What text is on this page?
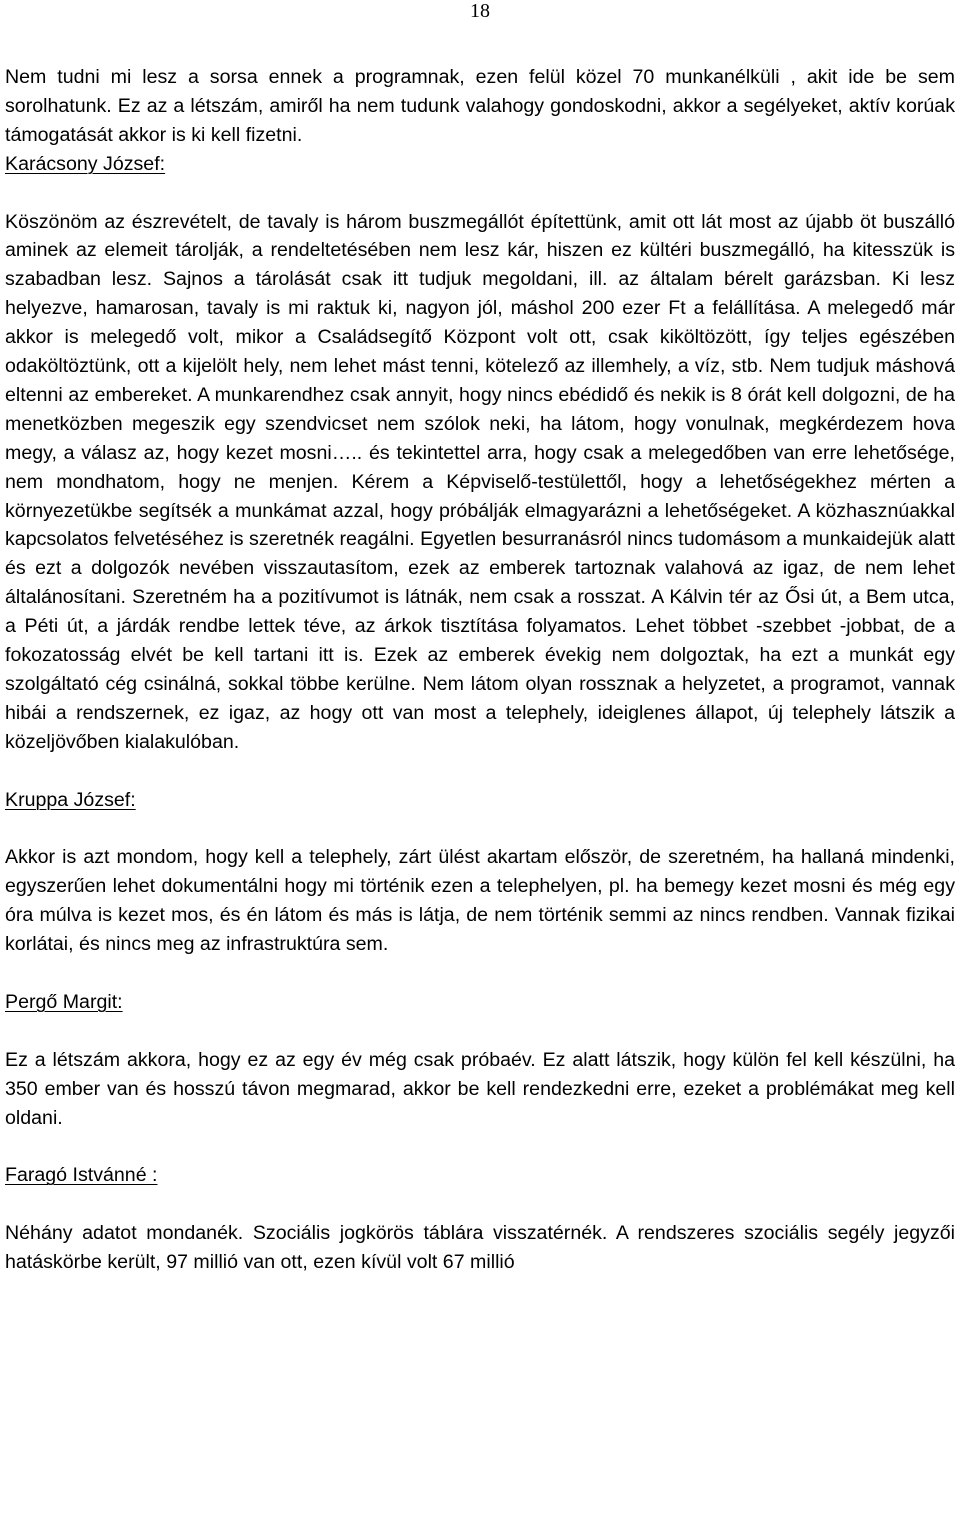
18

Nem tudni mi lesz a sorsa ennek a programnak, ezen felül közel 70 munkanélküli , akit ide be sem sorolhatunk. Ez az a létszám, amiről ha nem tudunk valahogy gondoskodni, akkor a segélyeket, aktív korúak támogatását akkor is ki kell fizetni.

Karácsony József:

Köszönöm az észrevételt, de tavaly is három buszmegállót építettünk, amit ott lát most az újabb öt buszálló aminek az elemeit tárolják, a rendeltetésében nem lesz kár, hiszen ez kültéri buszmegálló, ha kitesszük is szabadban lesz. Sajnos a tárolását csak itt tudjuk megoldani, ill. az általam bérelt garázsban. Ki lesz helyezve, hamarosan, tavaly is mi raktuk ki, nagyon jól, máshol 200 ezer Ft a felállítása. A melegedő már akkor is melegedő volt, mikor a Családsegítő Központ volt ott, csak kiköltözött, így teljes egészében odaköltöztünk, ott a kijelölt hely, nem lehet mást tenni, kötelező az illemhely, a víz, stb. Nem tudjuk máshová eltenni az embereket. A munkarendhez csak annyit, hogy nincs ebédidő és nekik is 8 órát kell dolgozni, de ha menetközben megeszik egy szendvicset nem szólok neki, ha látom, hogy vonulnak, megkérdezem hova megy, a válasz az, hogy kezet mosni….. és tekintettel arra, hogy csak a melegedőben van erre lehetősége, nem mondhatom, hogy ne menjen. Kérem a Képviselő-testülettől, hogy a lehetőségekhez mérten a környezetükbe segítsék a munkámat azzal, hogy próbálják elmagyarázni a lehetőségeket. A közhasznúakkal kapcsolatos felvetéséhez is szeretnék reagálni. Egyetlen besurranásról nincs tudomásom a munkaidejük alatt és ezt a dolgozók nevében visszautasítom, ezek az emberek tartoznak valahová az igaz, de nem lehet általánosítani. Szeretném ha a pozitívumot is látnák, nem csak a rosszat. A Kálvin tér az Ősi út, a Bem utca, a Péti út, a járdák rendbe lettek téve, az árkok tisztítása folyamatos. Lehet többet -szebbet -jobbat, de a fokozatosság elvét be kell tartani itt is. Ezek az emberek évekig nem dolgoztak, ha ezt a munkát egy szolgáltató cég csinálná, sokkal többe kerülne. Nem látom olyan rossznak a helyzetet, a programot, vannak hibái a rendszernek, ez igaz, az hogy ott van most a telephely, ideiglenes állapot, új telephely látszik a közeljövőben kialakulóban.

Kruppa József:

Akkor is azt mondom, hogy kell a telephely, zárt ülést akartam először, de szeretném, ha hallaná mindenki, egyszerűen lehet dokumentálni hogy mi történik ezen a telephelyen, pl. ha bemegy kezet mosni és még egy óra múlva is kezet mos, és én látom és más is látja, de nem történik semmi az nincs rendben. Vannak fizikai korlátai, és nincs meg az infrastruktúra sem.

Pergő Margit:

Ez a létszám akkora, hogy ez az egy év még csak próbaév. Ez alatt látszik, hogy külön fel kell készülni, ha 350 ember van és hosszú távon megmarad, akkor be kell rendezkedni erre, ezeket a problémákat meg kell oldani.

Faragó Istvánné :

Néhány adatot mondanék. Szociális jogkörös táblára visszatérnék. A rendszeres szociális segély jegyzői hatáskörbe került, 97 millió van ott, ezen kívül volt 67 millió
